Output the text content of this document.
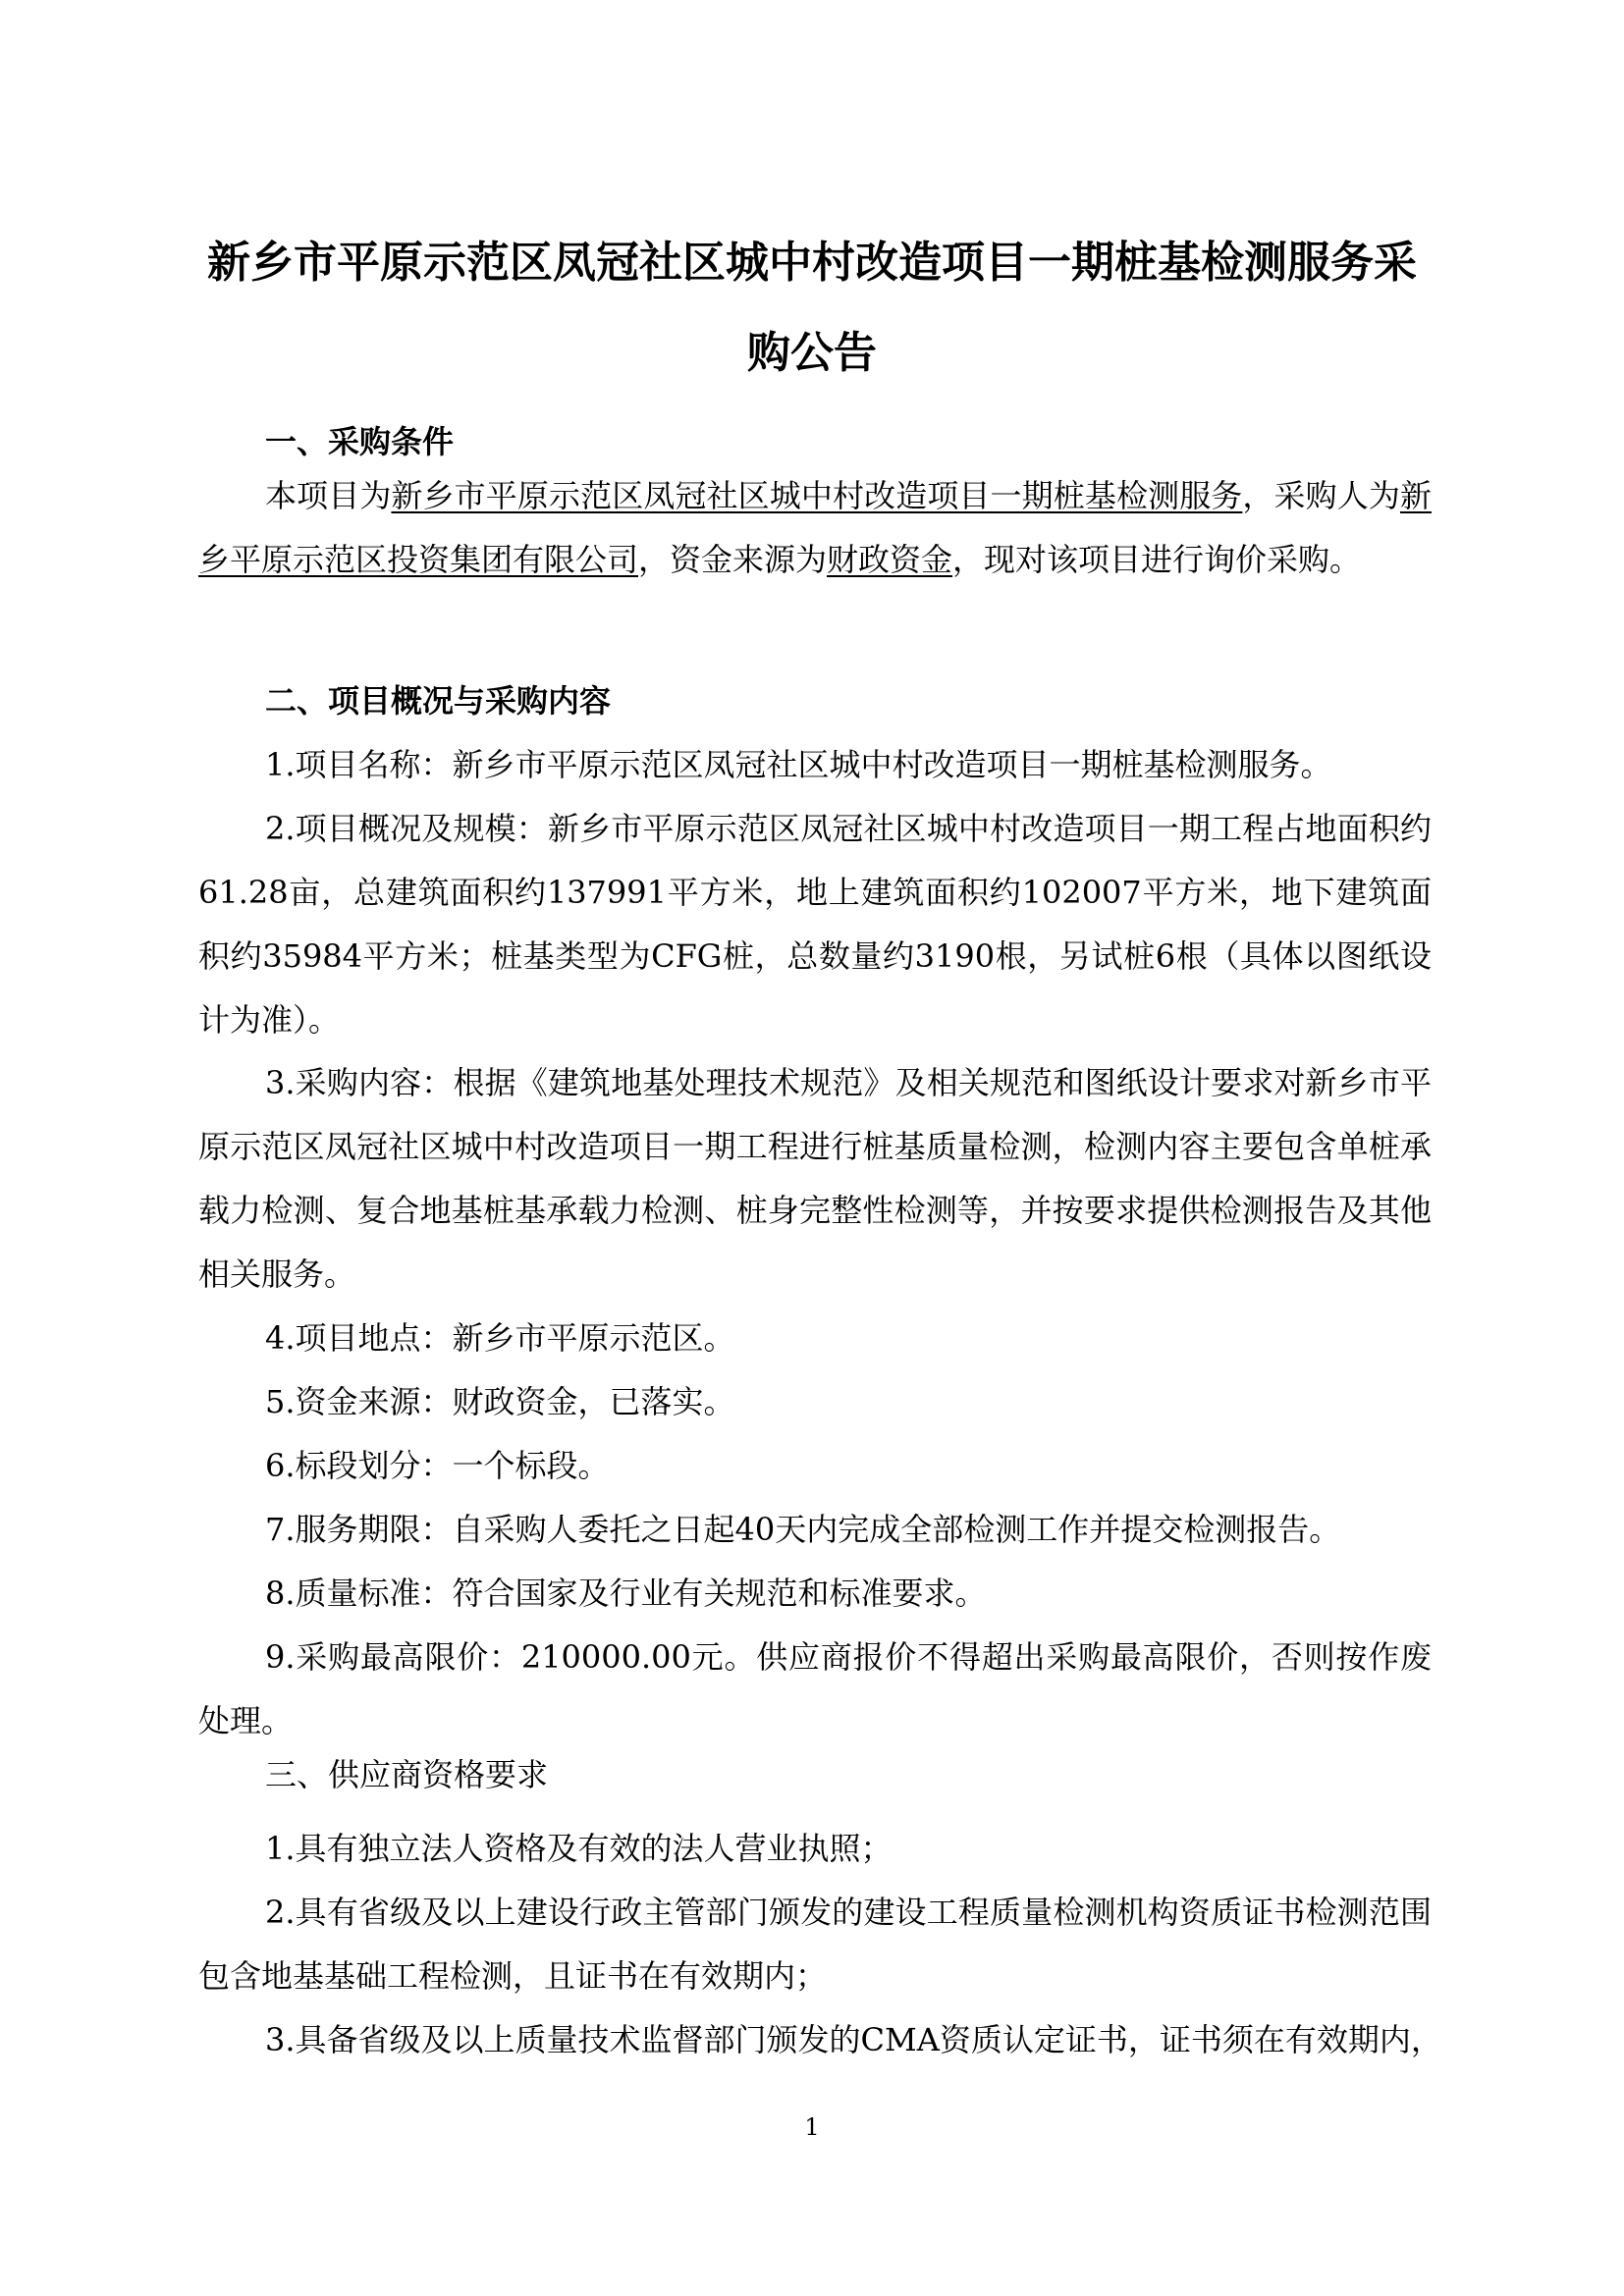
新乡市平原示范区凤冠社区城中村改造项目一期桩基检测服务采购公告
一、采购条件

本项目为新乡市平原示范区凤冠社区城中村改造项目一期桩基检测服务，采购人为新乡平原示范区投资集团有限公司，资金来源为财政资金，现对该项目进行询价采购。

二、项目概况与采购内容

1.项目名称：新乡市平原示范区凤冠社区城中村改造项目一期桩基检测服务。

2.项目概况及规模：新乡市平原示范区凤冠社区城中村改造项目一期工程占地面积约61.28亩，总建筑面积约137991平方米，地上建筑面积约102007平方米，地下建筑面积约35984平方米；桩基类型为CFG桩，总数量约3190根，另试桩6根（具体以图纸设计为准）。

3.采购内容：根据《建筑地基处理技术规范》及相关规范和图纸设计要求对新乡市平原示范区凤冠社区城中村改造项目一期工程进行桩基质量检测，检测内容主要包含单桩承载力检测、复合地基桩基承载力检测、桩身完整性检测等，并按要求提供检测报告及其他相关服务。

4.项目地点：新乡市平原示范区。

5.资金来源：财政资金，已落实。

6.标段划分：一个标段。

7.服务期限：自采购人委托之日起40天内完成全部检测工作并提交检测报告。

8.质量标准：符合国家及行业有关规范和标准要求。

9.采购最高限价：210000.00元。供应商报价不得超出采购最高限价，否则按作废处理。

三、供应商资格要求

1.具有独立法人资格及有效的法人营业执照；

2.具有省级及以上建设行政主管部门颁发的建设工程质量检测机构资质证书检测范围包含地基基础工程检测，且证书在有效期内；

3.具备省级及以上质量技术监督部门颁发的CMA资质认定证书，证书须在有效期内，

1
